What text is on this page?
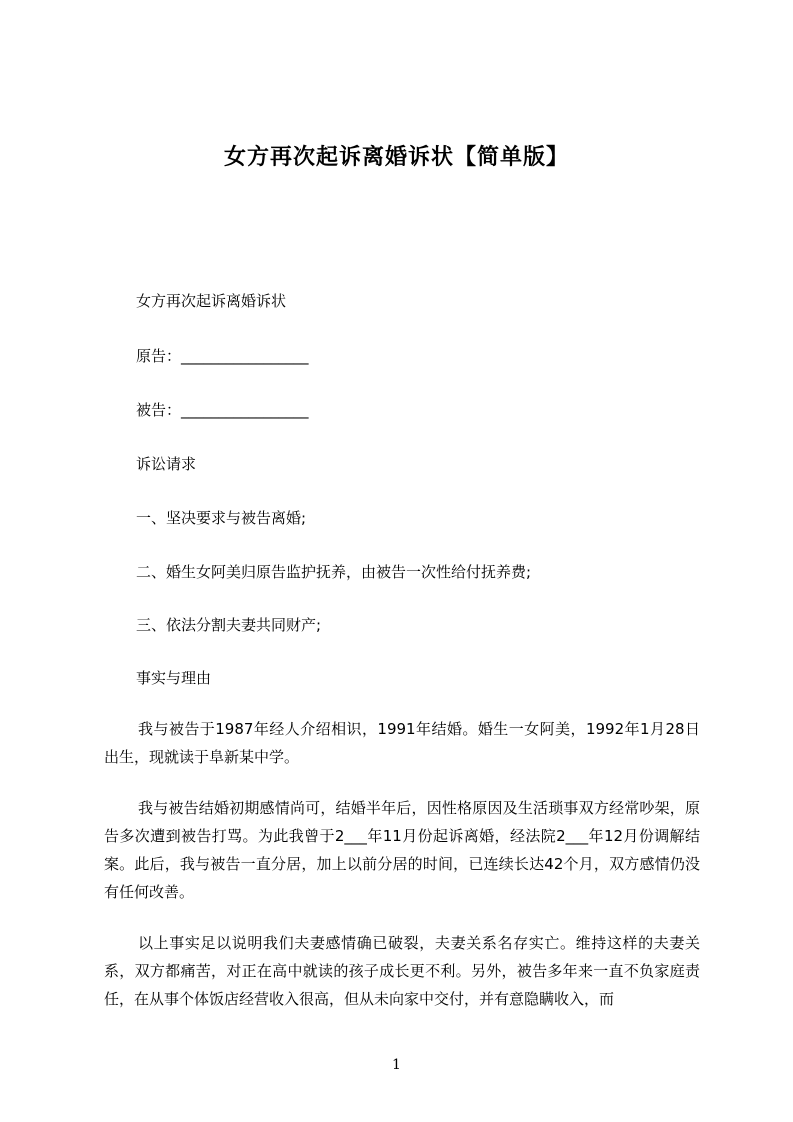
女方再次起诉离婚诉状【简单版】
女方再次起诉离婚诉状
原告：_________________
被告：_________________
诉讼请求
一、坚决要求与被告离婚;
二、婚生女阿美归原告监护抚养，由被告一次性给付抚养费;
三、依法分割夫妻共同财产;
事实与理由
我与被告于1987年经人介绍相识，1991年结婚。婚生一女阿美，1992年1月28日出生，现就读于阜新某中学。
我与被告结婚初期感情尚可，结婚半年后，因性格原因及生活琐事双方经常吵架，原告多次遭到被告打骂。为此我曾于2___年11月份起诉离婚，经法院2___年12月份调解结案。此后，我与被告一直分居，加上以前分居的时间，已连续长达42个月，双方感情仍没有任何改善。
以上事实足以说明我们夫妻感情确已破裂，夫妻关系名存实亡。维持这样的夫妻关系，双方都痛苦，对正在高中就读的孩子成长更不利。另外，被告多年来一直不负家庭责任，在从事个体饭店经营收入很高，但从未向家中交付，并有意隐瞒收入，而
1
